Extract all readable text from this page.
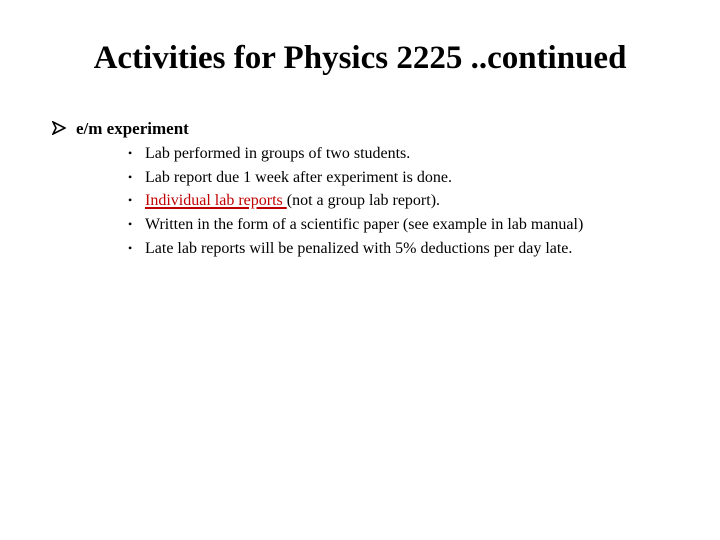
Activities for Physics 2225 ..continued
e/m experiment
• Lab performed in groups of two students.
• Lab report due 1 week after experiment is done.
• Individual lab reports (not a group lab report).
• Written in the form of a scientific paper (see example in lab manual)
• Late lab reports will be penalized with 5% deductions per day late.
